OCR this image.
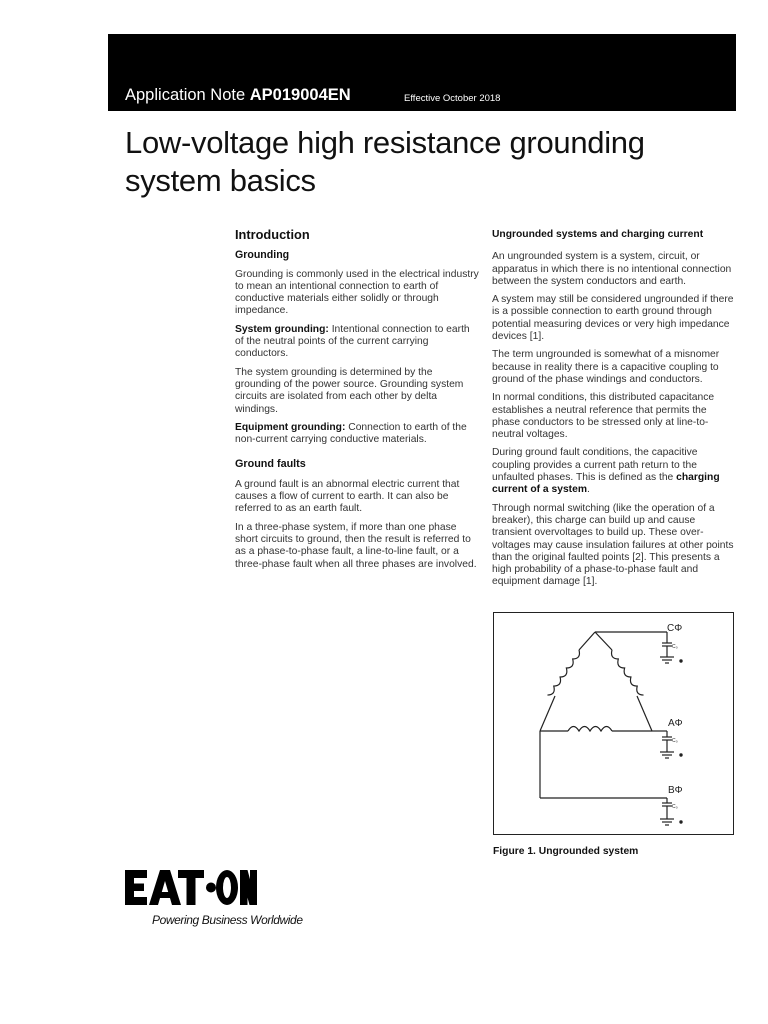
Application Note AP019004EN	Effective October 2018
Low-voltage high resistance grounding
system basics
Introduction
Grounding

Grounding is commonly used in the electrical industry to mean an intentional connection to earth of conductive materials either solidly or through impedance.

System grounding: Intentional connection to earth of the neutral points of the current carrying conductors.

The system grounding is determined by the grounding of the power source. Grounding system circuits are isolated from each other by delta windings.

Equipment grounding: Connection to earth of the non-current carrying conductive materials.

Ground faults

A ground fault is an abnormal electric current that causes a flow of current to earth. It can also be referred to as an earth fault.

In a three-phase system, if more than one phase short circuits to ground, then the result is referred to as a phase-to-phase fault, a line-to-line fault, or a three-phase fault when all three phases are involved.

Ungrounded systems and charging current

An ungrounded system is a system, circuit, or apparatus in which there is no intentional connection between the system conductors and earth.

A system may still be considered ungrounded if there is a possible connection to earth ground through potential measuring devices or very high impedance devices [1].

The term ungrounded is somewhat of a misnomer because in reality there is a capacitive coupling to ground of the phase windings and conductors.

In normal conditions, this distributed capacitance establishes a neutral reference that permits the phase conductors to be stressed only at line-to-neutral voltages.

During ground fault conditions, the capacitive coupling provides a current path return to the unfaulted phases. This is defined as the charging current of a system.

Through normal switching (like the operation of a breaker), this charge can build up and cause transient overvoltages to build up. These over-voltages may cause insulation failures at other points than the original faulted points [2]. This presents a high probability of a phase-to-phase fault and equipment damage [1].

CΦ
AΦ
BΦ
C₀
C₀
C₀
Figure 1. Ungrounded system
Powering Business Worldwide
